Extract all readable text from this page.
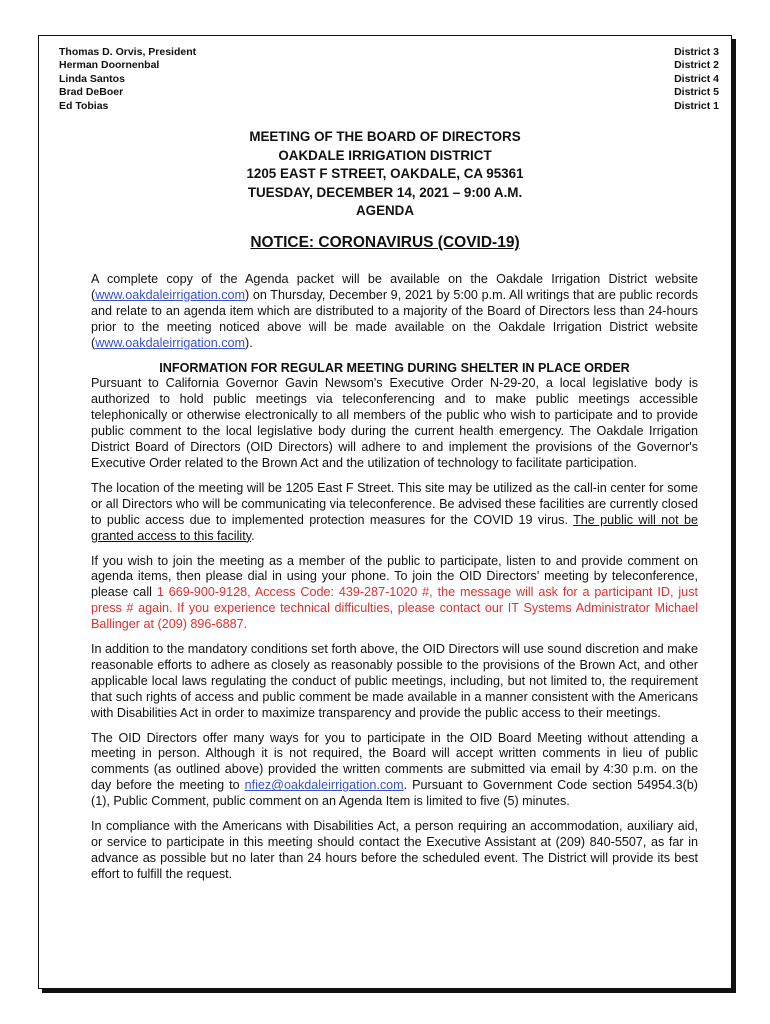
Thomas D. Orvis, President
Herman Doornenbal
Linda Santos
Brad DeBoer
Ed Tobias
District 3
District 2
District 4
District 5
District 1
MEETING OF THE BOARD OF DIRECTORS
OAKDALE IRRIGATION DISTRICT
1205 EAST F STREET, OAKDALE, CA 95361
TUESDAY, DECEMBER 14, 2021 – 9:00 A.M.
AGENDA
NOTICE: CORONAVIRUS (COVID-19)

A complete copy of the Agenda packet will be available on the Oakdale Irrigation District website (www.oakdaleirrigation.com) on Thursday, December 9, 2021 by 5:00 p.m. All writings that are public records and relate to an agenda item which are distributed to a majority of the Board of Directors less than 24-hours prior to the meeting noticed above will be made available on the Oakdale Irrigation District website (www.oakdaleirrigation.com).

INFORMATION FOR REGULAR MEETING DURING SHELTER IN PLACE ORDER

Pursuant to California Governor Gavin Newsom's Executive Order N-29-20, a local legislative body is authorized to hold public meetings via teleconferencing and to make public meetings accessible telephonically or otherwise electronically to all members of the public who wish to participate and to provide public comment to the local legislative body during the current health emergency. The Oakdale Irrigation District Board of Directors (OID Directors) will adhere to and implement the provisions of the Governor's Executive Order related to the Brown Act and the utilization of technology to facilitate participation.

The location of the meeting will be 1205 East F Street. This site may be utilized as the call-in center for some or all Directors who will be communicating via teleconference. Be advised these facilities are currently closed to public access due to implemented protection measures for the COVID 19 virus. The public will not be granted access to this facility.

If you wish to join the meeting as a member of the public to participate, listen to and provide comment on agenda items, then please dial in using your phone. To join the OID Directors' meeting by teleconference, please call 1 669-900-9128, Access Code: 439-287-1020 #, the message will ask for a participant ID, just press # again. If you experience technical difficulties, please contact our IT Systems Administrator Michael Ballinger at (209) 896-6887.

In addition to the mandatory conditions set forth above, the OID Directors will use sound discretion and make reasonable efforts to adhere as closely as reasonably possible to the provisions of the Brown Act, and other applicable local laws regulating the conduct of public meetings, including, but not limited to, the requirement that such rights of access and public comment be made available in a manner consistent with the Americans with Disabilities Act in order to maximize transparency and provide the public access to their meetings.

The OID Directors offer many ways for you to participate in the OID Board Meeting without attending a meeting in person. Although it is not required, the Board will accept written comments in lieu of public comments (as outlined above) provided the written comments are submitted via email by 4:30 p.m. on the day before the meeting to nfiez@oakdaleirrigation.com. Pursuant to Government Code section 54954.3(b)(1), Public Comment, public comment on an Agenda Item is limited to five (5) minutes.

In compliance with the Americans with Disabilities Act, a person requiring an accommodation, auxiliary aid, or service to participate in this meeting should contact the Executive Assistant at (209) 840-5507, as far in advance as possible but no later than 24 hours before the scheduled event. The District will provide its best effort to fulfill the request.
